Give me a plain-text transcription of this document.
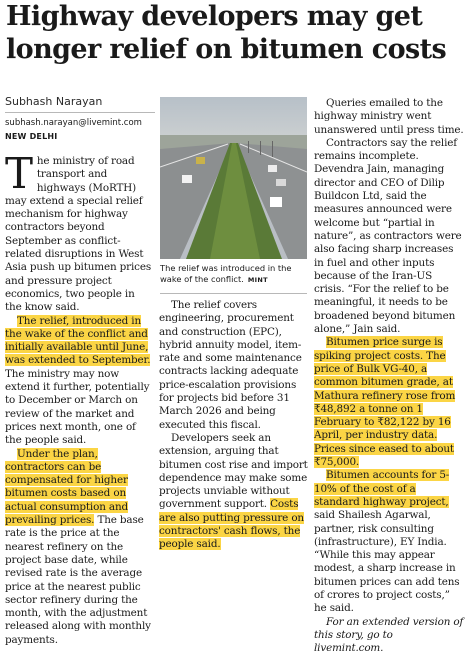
Highway developers may get longer relief on bitumen costs

Subhash Narayan

subhash.narayan@livemint.com

NEW DELHI

The ministry of road transport and highways (MoRTH) may extend a special relief mechanism for highway contractors beyond September as conflict-related disruptions in West Asia push up bitumen prices and pressure project economics, two people in the know said.

The relief, introduced in the wake of the conflict and initially available until June, was extended to September. The ministry may now extend it further, potentially to December or March on review of the market and prices next month, one of the people said.

Under the plan, contractors can be compensated for higher bitumen costs based on actual consumption and prevailing prices. The base rate is the price at the nearest refinery on the project base date, while revised rate is the average price at the nearest public sector refinery during the month, with the adjustment released along with monthly payments.

The relief was introduced in the wake of the conflict. MINT

The relief covers engineering, procurement and construction (EPC), hybrid annuity model, item-rate and some maintenance contracts lacking adequate price-escalation provisions for projects bid before 31 March 2026 and being executed this fiscal.

Developers seek an extension, arguing that bitumen cost rise and import dependence may make some projects unviable without government support. Costs are also putting pressure on contractors' cash flows, the people said.

Queries emailed to the highway ministry went unanswered until press time.

Contractors say the relief remains incomplete. Devendra Jain, managing director and CEO of Dilip Buildcon Ltd, said the measures announced were welcome but “partial in nature”, as contractors were also facing sharp increases in fuel and other inputs because of the Iran-US crisis. “For the relief to be meaningful, it needs to be broadened beyond bitumen alone,” Jain said.

Bitumen price surge is spiking project costs. The price of Bulk VG-40, a common bitumen grade, at Mathura refinery rose from ₹48,892 a tonne on 1 February to ₹82,122 by 16 April, per industry data. Prices since eased to about ₹75,000.

Bitumen accounts for 5-10% of the cost of a standard highway project, said Shailesh Agarwal, partner, risk consulting (infrastructure), EY India. “While this may appear modest, a sharp increase in bitumen prices can add tens of crores to project costs,” he said.

For an extended version of this story, go to livemint.com.
